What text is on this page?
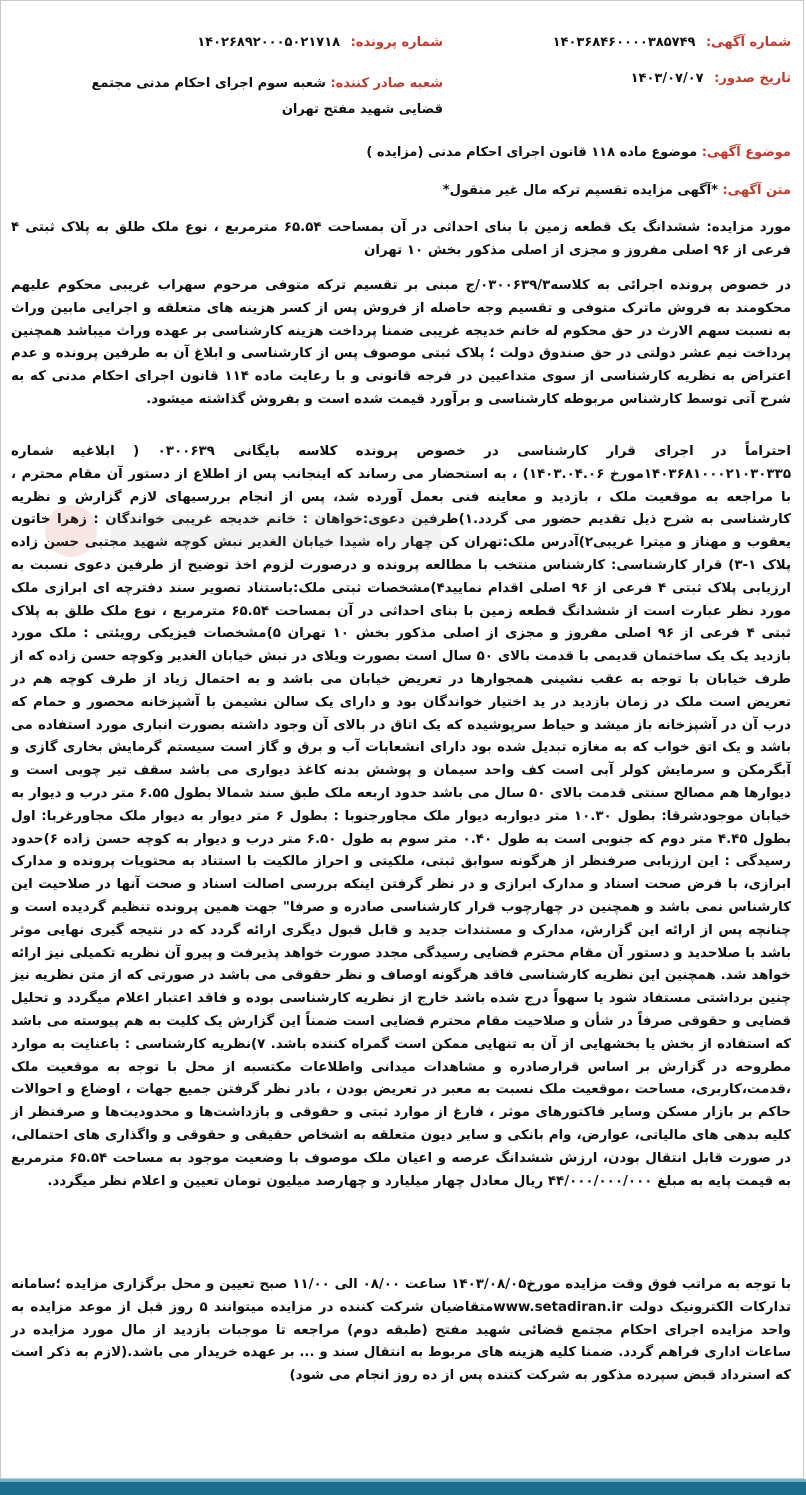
شماره آگهی: ۱۴۰۳۶۸۴۶۰۰۰۰۳۸۵۷۴۹
شماره پرونده: ۱۴۰۲۶۸۹۲۰۰۰۵۰۲۱۷۱۸
تاریخ صدور: ۱۴۰۳/۰۷/۰۷
شعبه صادر کننده: شعبه سوم اجرای احکام مدنی مجتمع قضایی شهید مفتح تهران
موضوع آگهی: موضوع ماده ۱۱۸ قانون اجرای احکام مدنی (مزایده )
متن آگهی: *آگهی مزایده تقسیم ترکه مال غیر منقول*

مورد مزایده: ششدانگ یک قطعه زمین با بنای احداثی در آن بمساحت ۶۵.۵۴ مترمربع ، نوع ملک طلق به پلاک ثبتی ۴ فرعی از ۹۶ اصلی مفروز و مجزی از اصلی مذکور بخش ۱۰ تهران

در خصوص پرونده اجرائی به کلاسه۰۳۰۰۶۳۹/۳/ج مبنی بر تقسیم ترکه متوفی مرحوم سهراب غریبی محکوم علیهم محکومند به فروش ماترک متوفی و تقسیم وجه حاصله از فروش پس از کسر هزینه های متعلقه و اجرایی مابین وراث به نسبت سهم الارث در حق محکوم له خانم خدیجه غریبی ضمنا پرداخت هزینه کارشناسی بر عهده وراث میباشد همچنین پرداخت نیم عشر دولتی در حق صندوق دولت ؛ پلاک ثبتی موصوف پس از کارشناسی و ابلاغ آن به طرفین پرونده و عدم اعتراض به نظریه کارشناسی از سوی متداعیین در فرجه قانونی و با رعایت ماده ۱۱۴ قانون اجرای احکام مدنی که به شرح آتی توسط کارشناس مربوطه کارشناسی و برآورد قیمت شده است و بفروش گذاشته میشود.

احتراماً در اجرای قرار کارشناسی در خصوص پرونده کلاسه بایگانی ۰۳۰۰۶۳۹ ( ابلاغیه شماره ۱۴۰۳۶۸۱۰۰۰۲۱۰۳۰۳۳۵مورخ ۱۴۰۳.۰۴.۰۶) ، به استحضار می رساند که اینجانب پس از اطلاع از دستور آن مقام محترم ، با مراجعه به موقعیت ملک ، بازدید و معاینه فنی بعمل آورده شد، پس از انجام بررسیهای لازم گزارش و نظریه کارشناسی به شرح ذیل تقدیم حضور می گردد.۱)طرفین دعوی:خواهان : خانم خدیجه غریبی خواندگان : زهرا خاتون یعقوب و مهناز و میترا غریبی۲)آدرس ملک:تهران کن چهار راه شیدا خیابان الغدیر نبش کوچه شهید مجتبی حسن زاده پلاک ۱-۳) قرار کارشناسی: کارشناس منتخب با مطالعه پرونده و درصورت لزوم اخذ توضیح از طرفین دعوی نسبت به ارزیابی پلاک ثبتی ۴ فرعی از ۹۶ اصلی اقدام نمایید۴)مشخصات ثبتی ملک:باستناد تصویر سند دفترچه ای ابرازی ملک مورد نظر عبارت است از ششدانگ قطعه زمین با بنای احداثی در آن بمساحت ۶۵.۵۴ مترمربع ، نوع ملک طلق به پلاک ثبتی ۴ فرعی از ۹۶ اصلی مفروز و مجزی از اصلی مذکور بخش ۱۰ تهران ۵)مشخصات فیزیکی رویئتی : ملک مورد بازدید یک یک ساختمان قدیمی با قدمت بالای ۵۰ سال است بصورت ویلای در نبش خیابان الغدیر وکوچه حسن زاده که از طرف خیابان با توجه به عقب نشینی همجوارها در تعریض خیابان می باشد و به احتمال زیاد از طرف کوچه هم در تعریض است ملک در زمان بازدید در ید اختیار خواندگان بود و دارای یک سالن نشیمن با آشپزخانه محصور و حمام که درب آن در آشپزخانه باز میشد و حیاط سرپوشیده که یک اتاق در بالای آن وجود داشته بصورت انباری مورد استفاده می باشد و یک اتق خواب که به مغازه تبدیل شده بود دارای انشعابات آب و برق و گاز است سیستم گرمایش بخاری گازی و آبگرمکن و سرمایش کولر آبی است کف واحد سیمان و پوشش بدنه کاغذ دیواری می باشد سقف تیر چوبی است و دیوارها هم مصالح سنتی قدمت بالای ۵۰ سال می باشد حدود اربعه ملک طبق سند شمالا بطول ۶.۵۵ متر درب و دیوار به خیابان موجودشرقا: بطول ۱۰.۳۰ متر دیواربه دیوار ملک مجاورجنوبا : بطول ۶ متر دیوار به دیوار ملک مجاورغربا: اول بطول ۴.۴۵ متر دوم که جنوبی است به طول ۰.۴۰ متر سوم به طول ۶.۵۰ متر درب و دیوار به کوچه حسن زاده ۶)حدود رسیدگی : این ارزیابی صرفنظر از هرگونه سوابق ثبتی، ملکیتی و احراز مالکیت با استناد به محتویات پرونده و مدارک ابرازی، با فرض صحت اسناد و مدارک ابرازی و در نظر گرفتن اینکه بررسی اصالت اسناد و صحت آنها در صلاحیت این کارشناس نمی باشد و همچنین در چهارچوب قرار کارشناسی صادره و صرفا" جهت همین پرونده تنظیم گردیده است و چنانچه پس از ارائه این گزارش، مدارک و مستندات جدید و قابل قبول دیگری ارائه گردد که در نتیجه گیری نهایی موثر باشد با صلاحدید و دستور آن مقام محترم قضایی رسیدگی مجدد صورت خواهد پذیرفت و پیرو آن نظریه تکمیلی نیز ارائه خواهد شد. همچنین این نظریه کارشناسی فاقد هرگونه اوصاف و نظر حقوقی می باشد در صورتی که از متن نظریه نیز چنین برداشتی مستفاد شود یا سهواً درج شده باشد خارج از نظریه کارشناسی بوده و فاقد اعتبار اعلام میگردد و تحلیل قضایی و حقوقی صرفاً در شأن و صلاحیت مقام محترم قضایی است ضمناً این گزارش یک کلیت به هم پیوسته می باشد که استفاده از بخش یا بخشهایی از آن به تنهایی ممکن است گمراه کننده باشد. ۷)نظریه کارشناسی : باعنایت به موارد مطروحه در گزارش بر اساس قرارصادره و مشاهدات میدانی واطلاعات مکتسبه از محل با توجه به موقعیت ملک ،قدمت،کاربری، مساحت ،موقعیت ملک نسبت به معبر در تعریض بودن ، بادر نظر گرفتن جمیع جهات ، اوضاع و احوالات حاکم بر بازار مسکن وسایر فاکتورهای موثر ، فارغ از موارد ثبتی و حقوقی و بازداشت‌ها و محدودیت‌ها و صرفنظر از کلیه بدهی های مالیاتی، عوارض، وام بانکی و سایر دیون متعلقه به اشخاص حقیقی و حقوقی و واگذاری های احتمالی، در صورت قابل انتقال بودن، ارزش ششدانگ عرصه و اعیان ملک موصوف با وضعیت موجود به مساحت ۶۵.۵۴ مترمربع به قیمت پایه به مبلغ ۴۴/۰۰۰/۰۰۰/۰۰۰ ریال معادل چهار میلیارد و چهارصد میلیون تومان تعیین و اعلام نظر میگردد.

با توجه به مراتب فوق وقت مزایده مورخ۱۴۰۳/۰۸/۰۵ ساعت ۰۸/۰۰ الی ۱۱/۰۰ صبح تعیین و محل برگزاری مزایده ؛سامانه تدارکات الکترونیک دولت www.setadiran.irمتقاضیان شرکت کننده در مزایده میتوانند ۵ روز قبل از موعد مزایده به واحد مزایده اجرای احکام مجتمع قضائی شهید مفتح (طبقه دوم) مراجعه تا موجبات بازدید از مال مورد مزایده در ساعات اداری فراهم گردد. ضمنا کلیه هزینه های مربوط به انتقال سند و ... بر عهده خریدار می باشد.(لازم به ذکر است که استرداد قبض سپرده مذکور به شرکت کننده پس از ده روز انجام می شود)
